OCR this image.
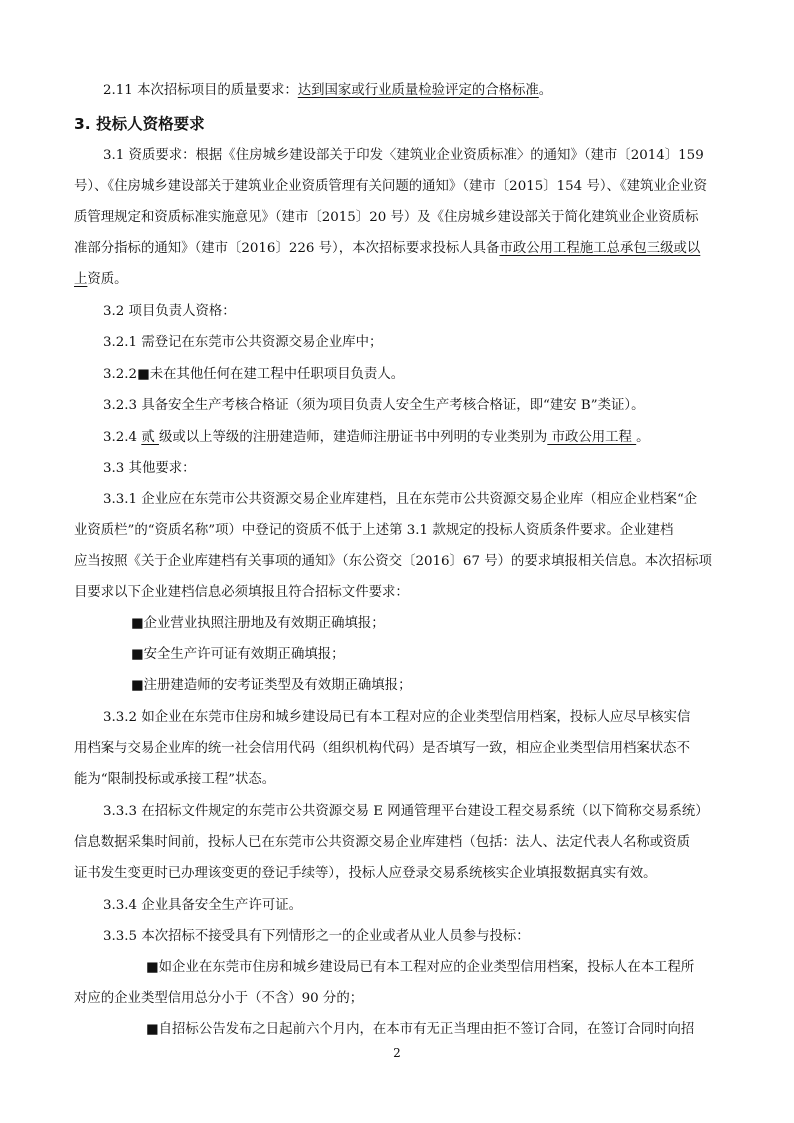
2.11 本次招标项目的质量要求：达到国家或行业质量检验评定的合格标准。
3. 投标人资格要求
3.1 资质要求：根据《住房城乡建设部关于印发〈建筑业企业资质标准〉的通知》（建市〔2014〕159
号）、《住房城乡建设部关于建筑业企业资质管理有关问题的通知》（建市〔2015〕154 号）、《建筑业企业资
质管理规定和资质标准实施意见》（建市〔2015〕20 号）及《住房城乡建设部关于简化建筑业企业资质标
准部分指标的通知》（建市〔2016〕226 号），本次招标要求投标人具备市政公用工程施工总承包三级或以
上资质。
3.2 项目负责人资格：
3.2.1 需登记在东莞市公共资源交易企业库中；
3.2.2■未在其他任何在建工程中任职项目负责人。
3.2.3 具备安全生产考核合格证（须为项目负责人安全生产考核合格证，即“建安 B”类证）。
3.2.4 贰 级或以上等级的注册建造师，建造师注册证书中列明的专业类别为 市政公用工程 。
3.3 其他要求：
3.3.1 企业应在东莞市公共资源交易企业库建档，且在东莞市公共资源交易企业库（相应企业档案“企
业资质栏”的“资质名称”项）中登记的资质不低于上述第 3.1 款规定的投标人资质条件要求。企业建档
应当按照《关于企业库建档有关事项的通知》（东公资交〔2016〕67 号）的要求填报相关信息。本次招标项
目要求以下企业建档信息必须填报且符合招标文件要求：
■企业营业执照注册地及有效期正确填报；
■安全生产许可证有效期正确填报；
■注册建造师的安考证类型及有效期正确填报；
3.3.2 如企业在东莞市住房和城乡建设局已有本工程对应的企业类型信用档案，投标人应尽早核实信
用档案与交易企业库的统一社会信用代码（组织机构代码）是否填写一致，相应企业类型信用档案状态不
能为“限制投标或承接工程”状态。
3.3.3 在招标文件规定的东莞市公共资源交易 E 网通管理平台建设工程交易系统（以下简称交易系统）
信息数据采集时间前，投标人已在东莞市公共资源交易企业库建档（包括：法人、法定代表人名称或资质
证书发生变更时已办理该变更的登记手续等），投标人应登录交易系统核实企业填报数据真实有效。
3.3.4 企业具备安全生产许可证。
3.3.5 本次招标不接受具有下列情形之一的企业或者从业人员参与投标：
■如企业在东莞市住房和城乡建设局已有本工程对应的企业类型信用档案，投标人在本工程所
对应的企业类型信用总分小于（不含）90 分的；
■自招标公告发布之日起前六个月内，在本市有无正当理由拒不签订合同，在签订合同时向招
2
